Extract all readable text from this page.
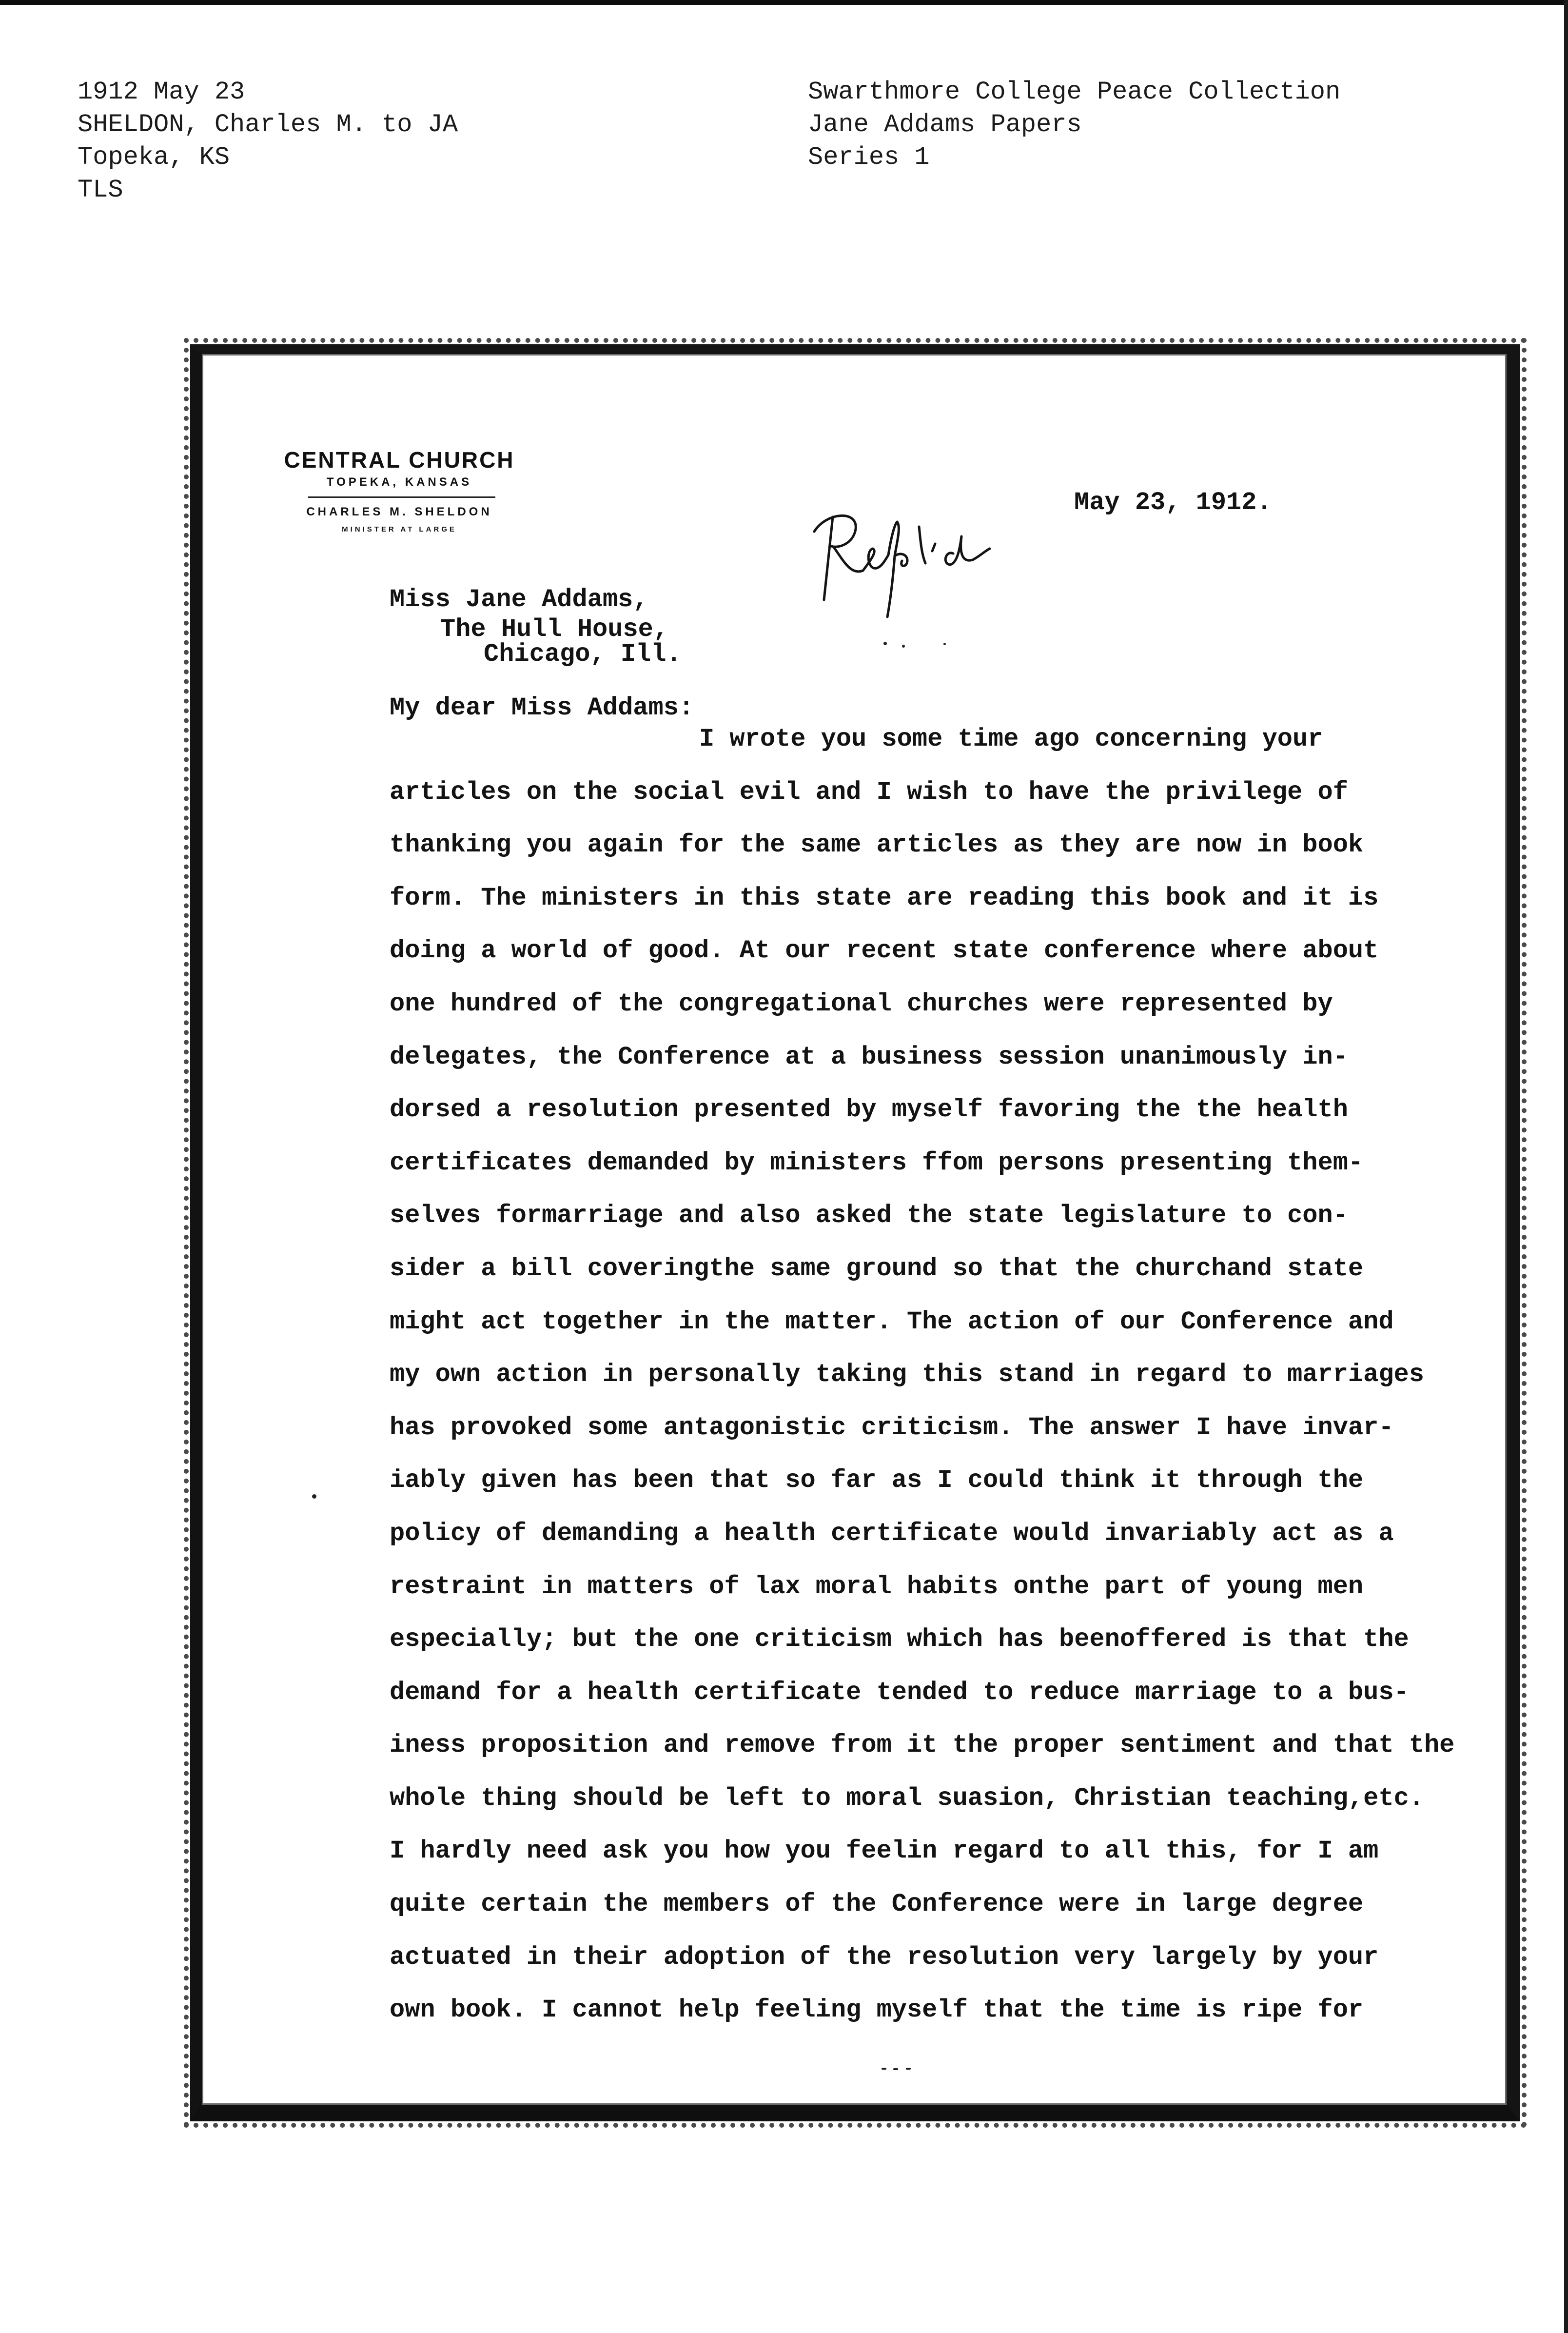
1912 May 23
SHELDON, Charles M. to JA
Topeka, KS
TLS
Swarthmore College Peace Collection
Jane Addams Papers
Series 1
CENTRAL CHURCH
TOPEKA, KANSAS
CHARLES M. SHELDON
MINISTER AT LARGE
May 23, 1912.
Miss Jane Addams,
The Hull House,
Chicago, Ill.
My dear Miss Addams:
I wrote you some time ago concerning your
articles on the social evil and I wish to have the privilege of
thanking you again for the same articles as they are now in book
form. The ministers in this state are reading this book and it is
doing a world of good. At our recent state conference where about
one hundred of the congregational churches were represented by
delegates, the Conference at a business session unanimously in-
dorsed a resolution presented by myself favoring the the health
certificates demanded by ministers ffom persons presenting them-
selves formarriage and also asked the state legislature to con-
sider a bill coveringthe same ground so that the churchand state
might act together in the matter. The action of our Conference and
my own action in personally taking this stand in regard to marriages
has provoked some antagonistic criticism. The answer I have invar-
iably given has been that so far as I could think it through the
policy of demanding a health certificate would invariably act as a
restraint in matters of lax moral habits onthe part of young men
especially; but the one criticism which has beenoffered is that the
demand for a health certificate tended to reduce marriage to a bus-
iness proposition and remove from it the proper sentiment and that the
whole thing should be left to moral suasion, Christian teaching,etc.
I hardly need ask you how you feelin regard to all this, for I am
quite certain the members of the Conference were in large degree
actuated in their adoption of the resolution very largely by your
own book. I cannot help feeling myself that the time is ripe for
